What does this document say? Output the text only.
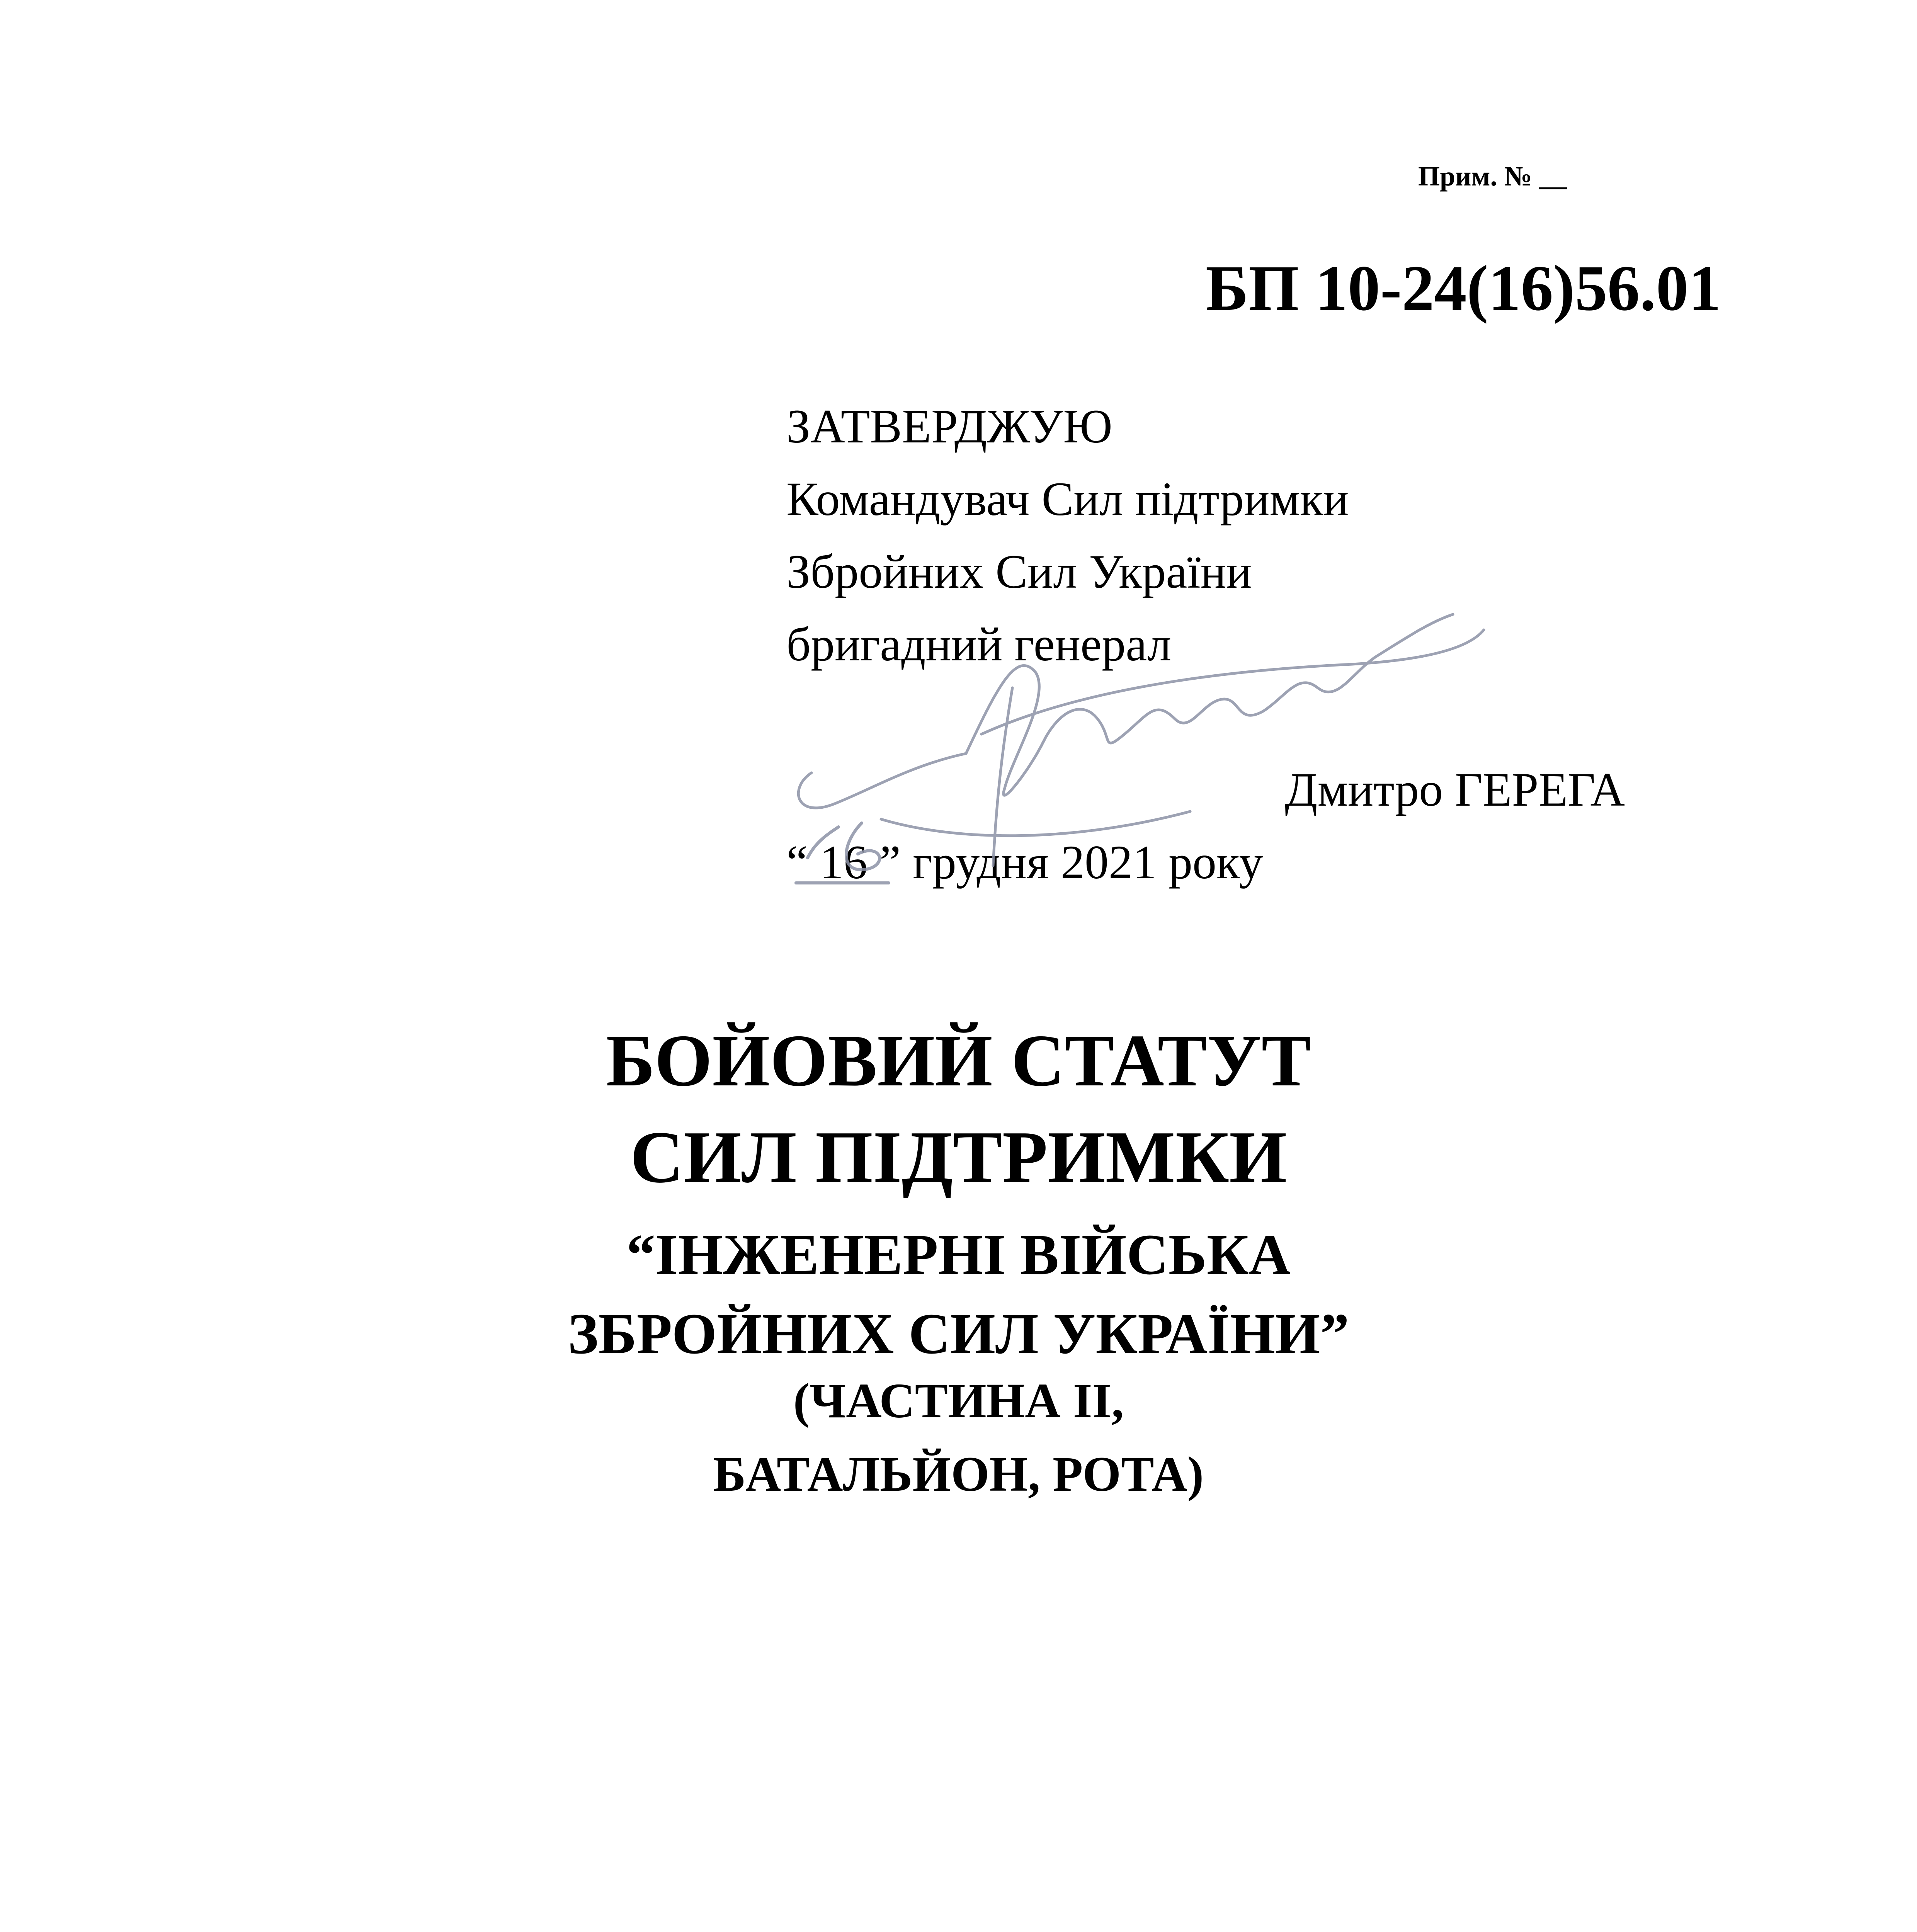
Прим. № __
БП 10-24(16)56.01
ЗАТВЕРДЖУЮ
Командувач Сил підтримки
Збройних Сил України
бригадний генерал
Дмитро ГЕРЕГА
“ 16 ” грудня 2021 року
БОЙОВИЙ СТАТУТ
СИЛ ПІДТРИМКИ
“ІНЖЕНЕРНІ ВІЙСЬКА
ЗБРОЙНИХ СИЛ УКРАЇНИ”
(ЧАСТИНА ІІ,
БАТАЛЬЙОН, РОТА)
